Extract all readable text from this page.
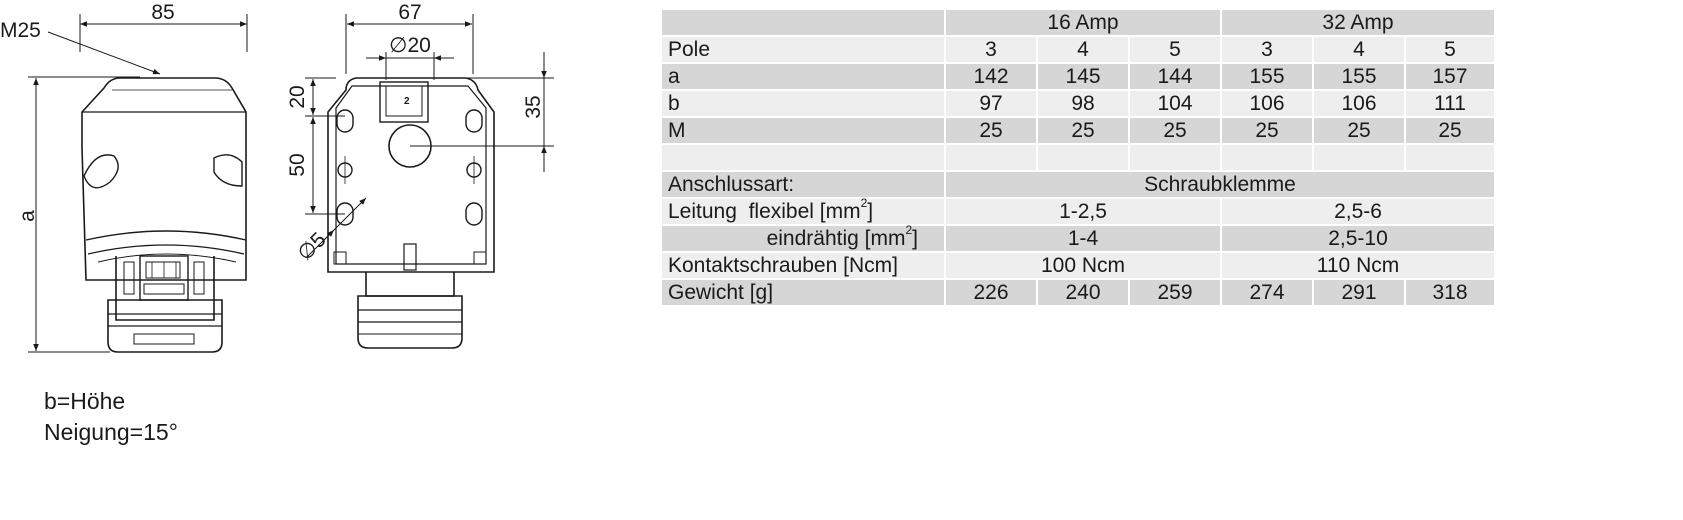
85
M25
a
67
∅20
20
50
35
∅5
2
b=Höhe
Neigung=15°
	16 Amp			32 Amp		
Pole	3	4	5	3	4	5
a	142	145	144	155	155	157
b	97	98	104	106	106	111
M	25	25	25	25	25	25

Anschlussart:	Schraubklemme					
Leitung  flexibel $[mm^2]$	1-2,5			2,5-6		
eindrähtig $[mm^2]$	1-4			2,5-10		
Kontaktschrauben [Ncm]	100 Ncm			110 Ncm		
Gewicht [g]	226	240	259	274	291	318
